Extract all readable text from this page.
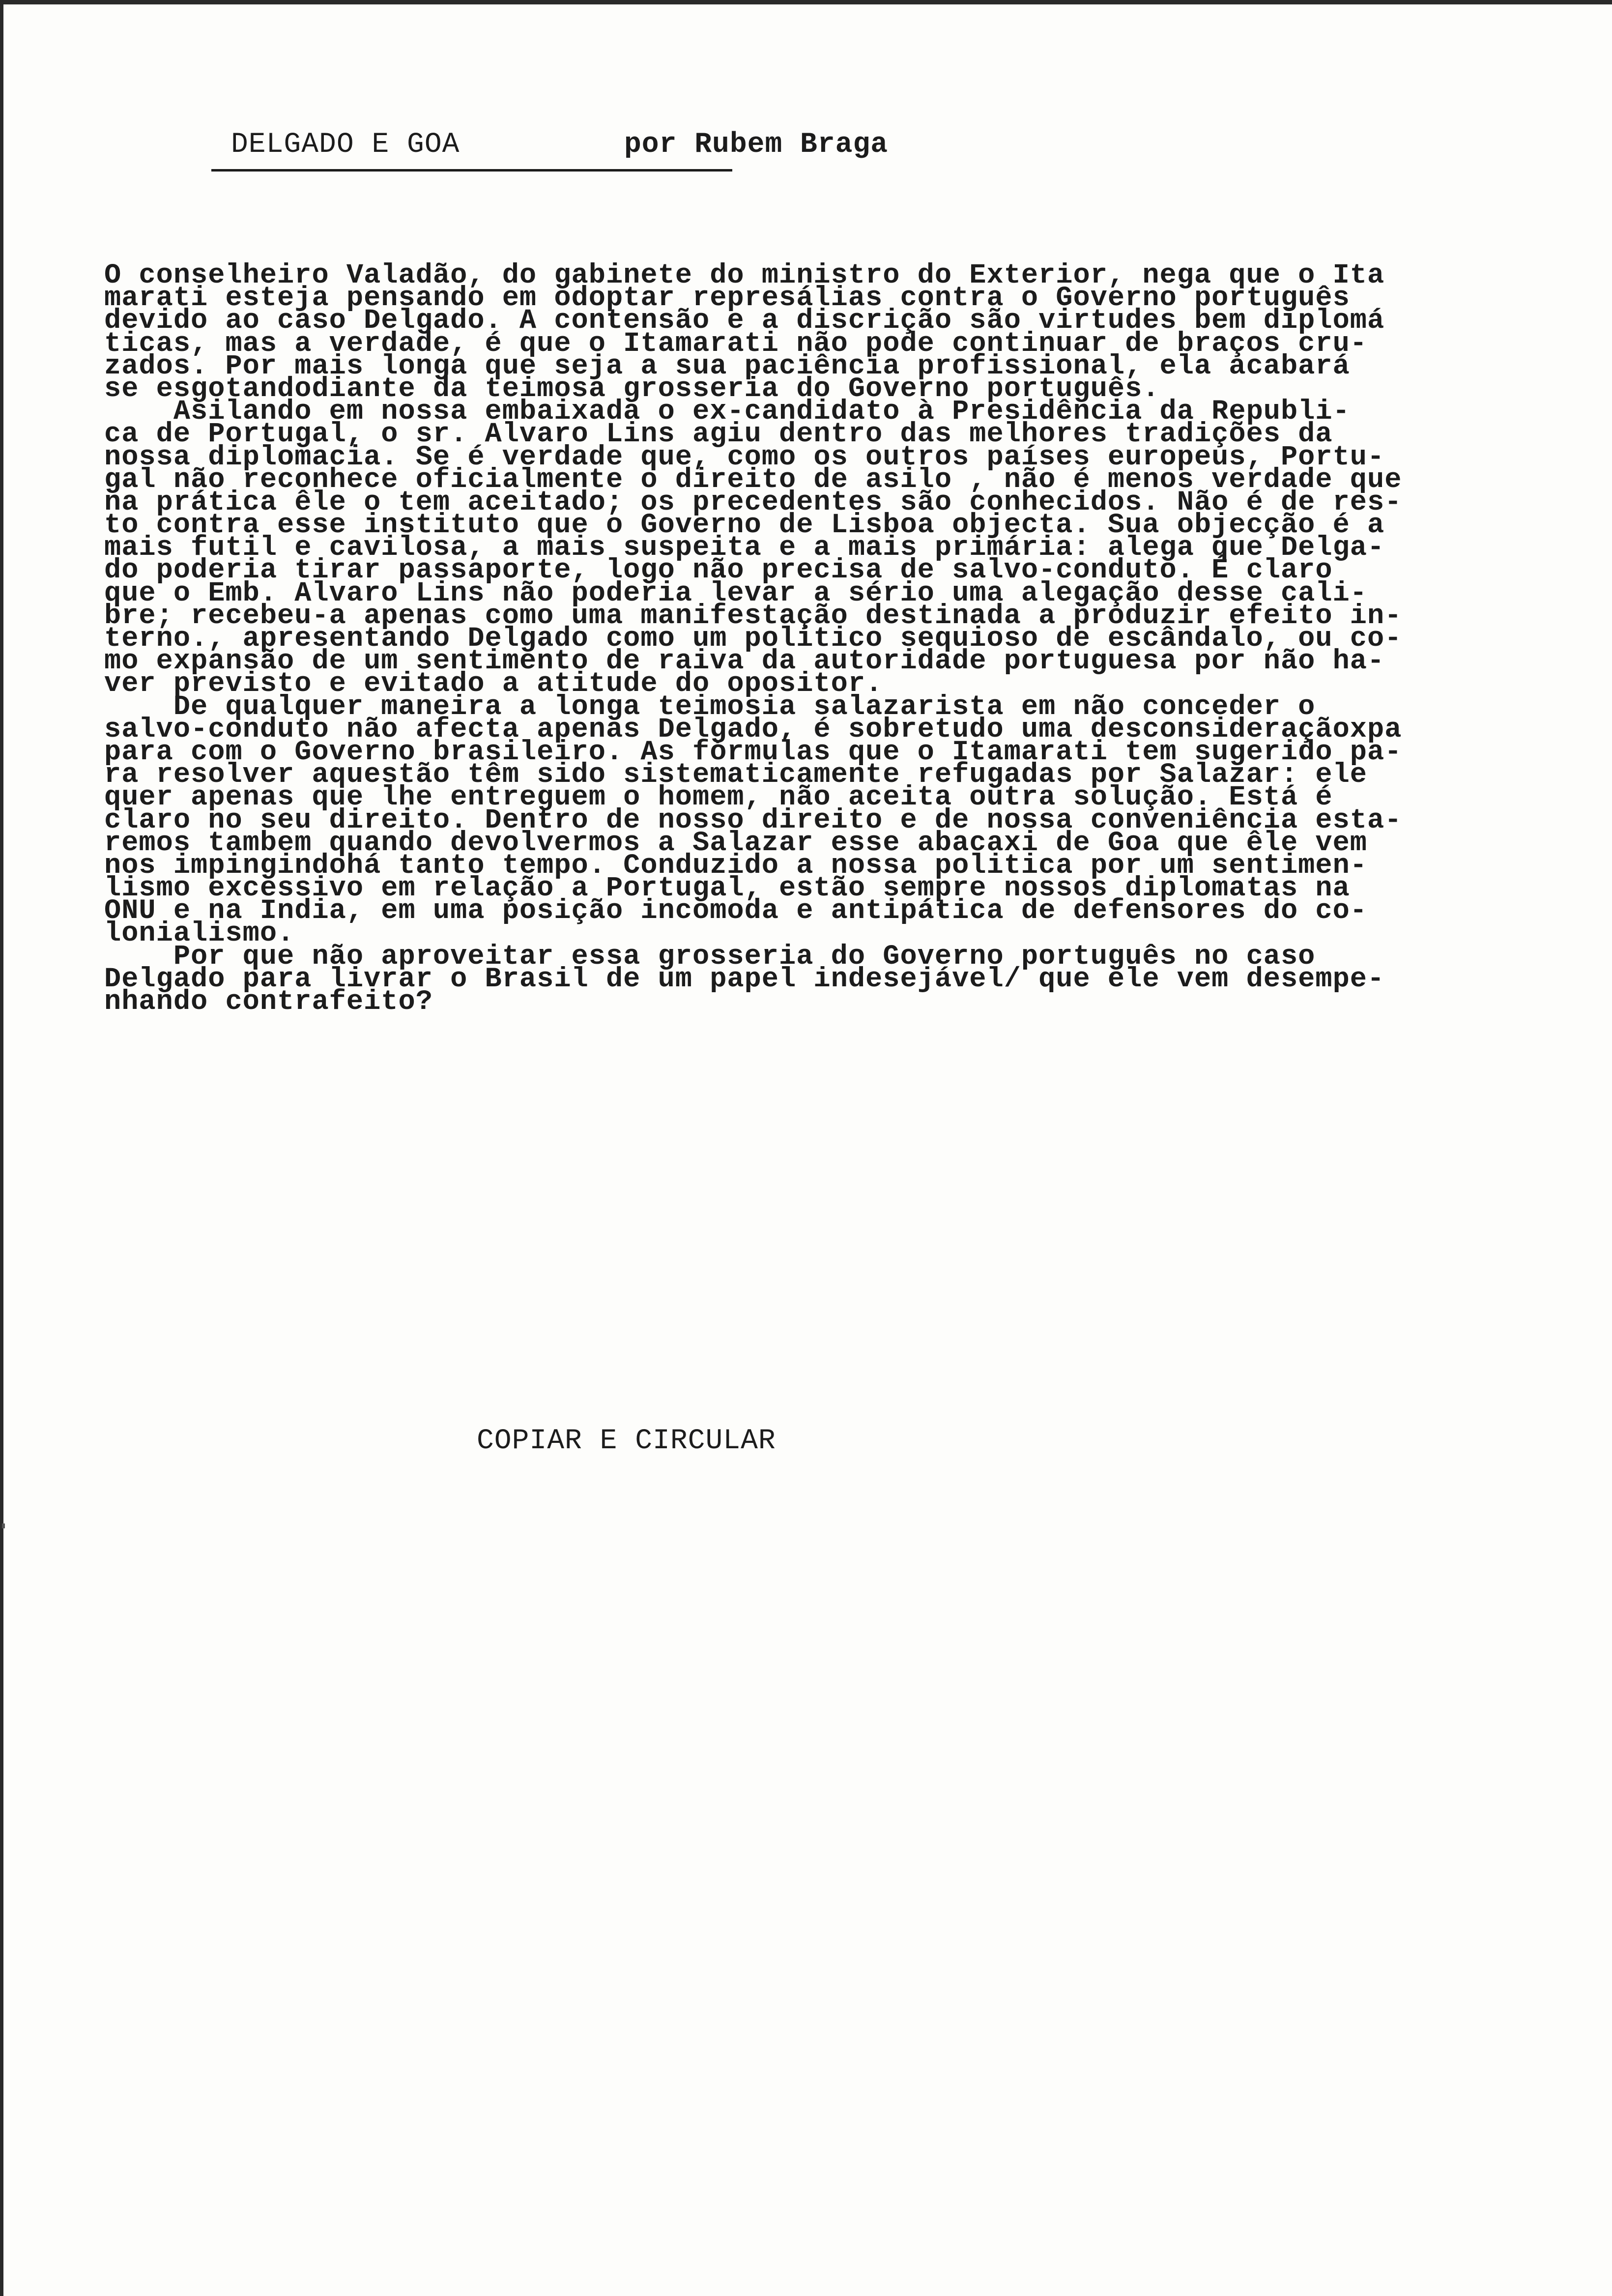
DELGADO E GOA

	por Rubem Braga

O conselheiro Valadão, do gabinete do ministro do Exterior, nega que o Ita
marati esteja pensando em odoptar represálias contra o Governo português
devido ao caso Delgado. A contensão e a discrição são virtudes bem diplomá
ticas, mas a verdade, é que o Itamarati não pode continuar de braços cru-
zados. Por mais longa que seja a sua paciência profissional, ela acabará
se esgotandodiante da teimosa grosseria do Governo português.
Asilando em nossa embaixada o ex-candidato à Presidência da Republi-
ca de Portugal, o sr. Alvaro Lins agiu dentro das melhores tradições da
nossa diplomacia. Se é verdade que, como os outros países europeus, Portu-
gal não reconhece oficialmente o direito de asilo , não é menos verdade que
na prática êle o tem aceitado; os precedentes são conhecidos. Não é de res-
to contra esse instituto que o Governo de Lisboa objecta. Sua objecção é a
mais futil e cavilosa, a mais suspeita e a mais primária: alega que Delga-
do poderia tirar passaporte, logo não precisa de salvo-conduto. É claro
que o Emb. Alvaro Lins não poderia levar a sério uma alegação desse cali-
bre; recebeu-a apenas como uma manifestação destinada a produzir efeito in-
terno., apresentando Delgado como um politico sequioso de escândalo, ou co-
mo expansão de um sentimento de raiva da autoridade portuguesa por não ha-
ver previsto e evitado a atitude do opositor.
De qualquer maneira a longa teimosia salazarista em não conceder o
salvo-conduto não afecta apenas Delgado, é sobretudo uma desconsideraçãoxpa
para com o Governo brasileiro. As fórmulas que o Itamarati tem sugerido pa-
ra resolver aquestão têm sido sistematicamente refugadas por Salazar: ele
quer apenas que lhe entreguem o homem, não aceita outra solução. Está é
claro no seu direito. Dentro de nosso direito e de nossa conveniência esta-
remos tambem quando devolvermos a Salazar esse abacaxi de Goa que êle vem
nos impingindohá tanto tempo. Conduzido a nossa politica por um sentimen-
lismo excessivo em relação a Portugal, estão sempre nossos diplomatas na
ONU e na India, em uma posição incomoda e antipática de defensores do co-
lonialismo.
Por que não aproveitar essa grosseria do Governo português no caso
Delgado para livrar o Brasil de um papel indesejável/ que ele vem desempe-
nhando contrafeito?
COPIAR E CIRCULAR
